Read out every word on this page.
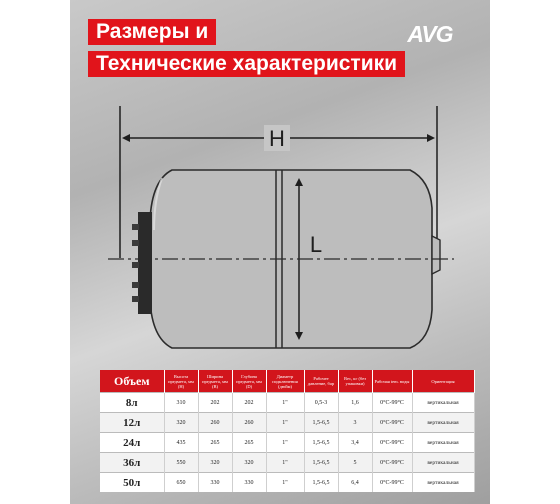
Размеры и
Технические характеристики
AVG
H
L
Объем	Высота предмета, мм (Н)	Ширина предмета, мм (В)	Глубина предмета, мм (D)	Диаметр подключения (дюйм)	Рабочее давление, бар	Вес, кг (без упаковки)	Рабочая tem. воды	Ориентация
8л	310	202	202	1"	0,5-3	1,6	0°C-99°C	вертикальная
12л	320	260	260	1"	1,5-6,5	3	0°C-99°C	вертикальная
24л	435	265	265	1"	1,5-6,5	3,4	0°C-99°C	вертикальная
36л	550	320	320	1"	1,5-6,5	5	0°C-99°C	вертикальная
50л	650	330	330	1"	1,5-6,5	6,4	0°C-99°C	вертикальная
